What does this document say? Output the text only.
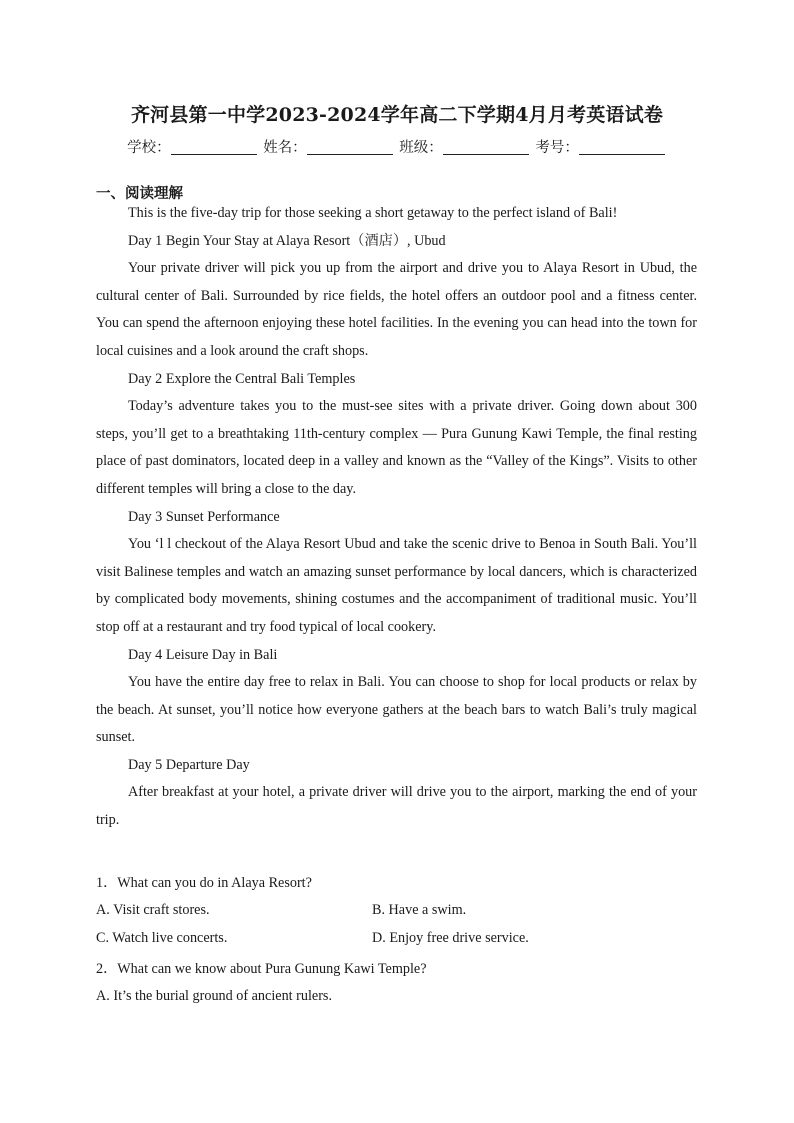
齐河县第一中学2023-2024学年高二下学期4月月考英语试卷
学校：	姓名：	班级：	考号：
一、阅读理解

This is the five-day trip for those seeking a short getaway to the perfect island of Bali!

Day 1 Begin Your Stay at Alaya Resort（酒店）, Ubud

Your private driver will pick you up from the airport and drive you to Alaya Resort in Ubud, the cultural center of Bali. Surrounded by rice fields, the hotel offers an outdoor pool and a fitness center. You can spend the afternoon enjoying these hotel facilities. In the evening you can head into the town for local cuisines and a look around the craft shops.

Day 2 Explore the Central Bali Temples

Today’s adventure takes you to the must-see sites with a private driver. Going down about 300 steps, you’ll get to a breathtaking 11th-century complex — Pura Gunung Kawi Temple, the final resting place of past dominators, located deep in a valley and known as the “Valley of the Kings”. Visits to other different temples will bring a close to the day.

Day 3 Sunset Performance

You ‘l l checkout of the Alaya Resort Ubud and take the scenic drive to Benoa in South Bali. You’ll visit Balinese temples and watch an amazing sunset performance by local dancers, which is characterized by complicated body movements, shining costumes and the accompaniment of traditional music. You’ll stop off at a restaurant and try food typical of local cookery.

Day 4 Leisure Day in Bali

You have the entire day free to relax in Bali. You can choose to shop for local products or relax by the beach. At sunset, you’ll notice how everyone gathers at the beach bars to watch Bali’s truly magical sunset.

Day 5 Departure Day

After breakfast at your hotel, a private driver will drive you to the airport, marking the end of your trip.

1．What can you do in Alaya Resort?
A. Visit craft stores.	B. Have a swim.
C. Watch live concerts.	D. Enjoy free drive service.
2．What can we know about Pura Gunung Kawi Temple?
A. It’s the burial ground of ancient rulers.
